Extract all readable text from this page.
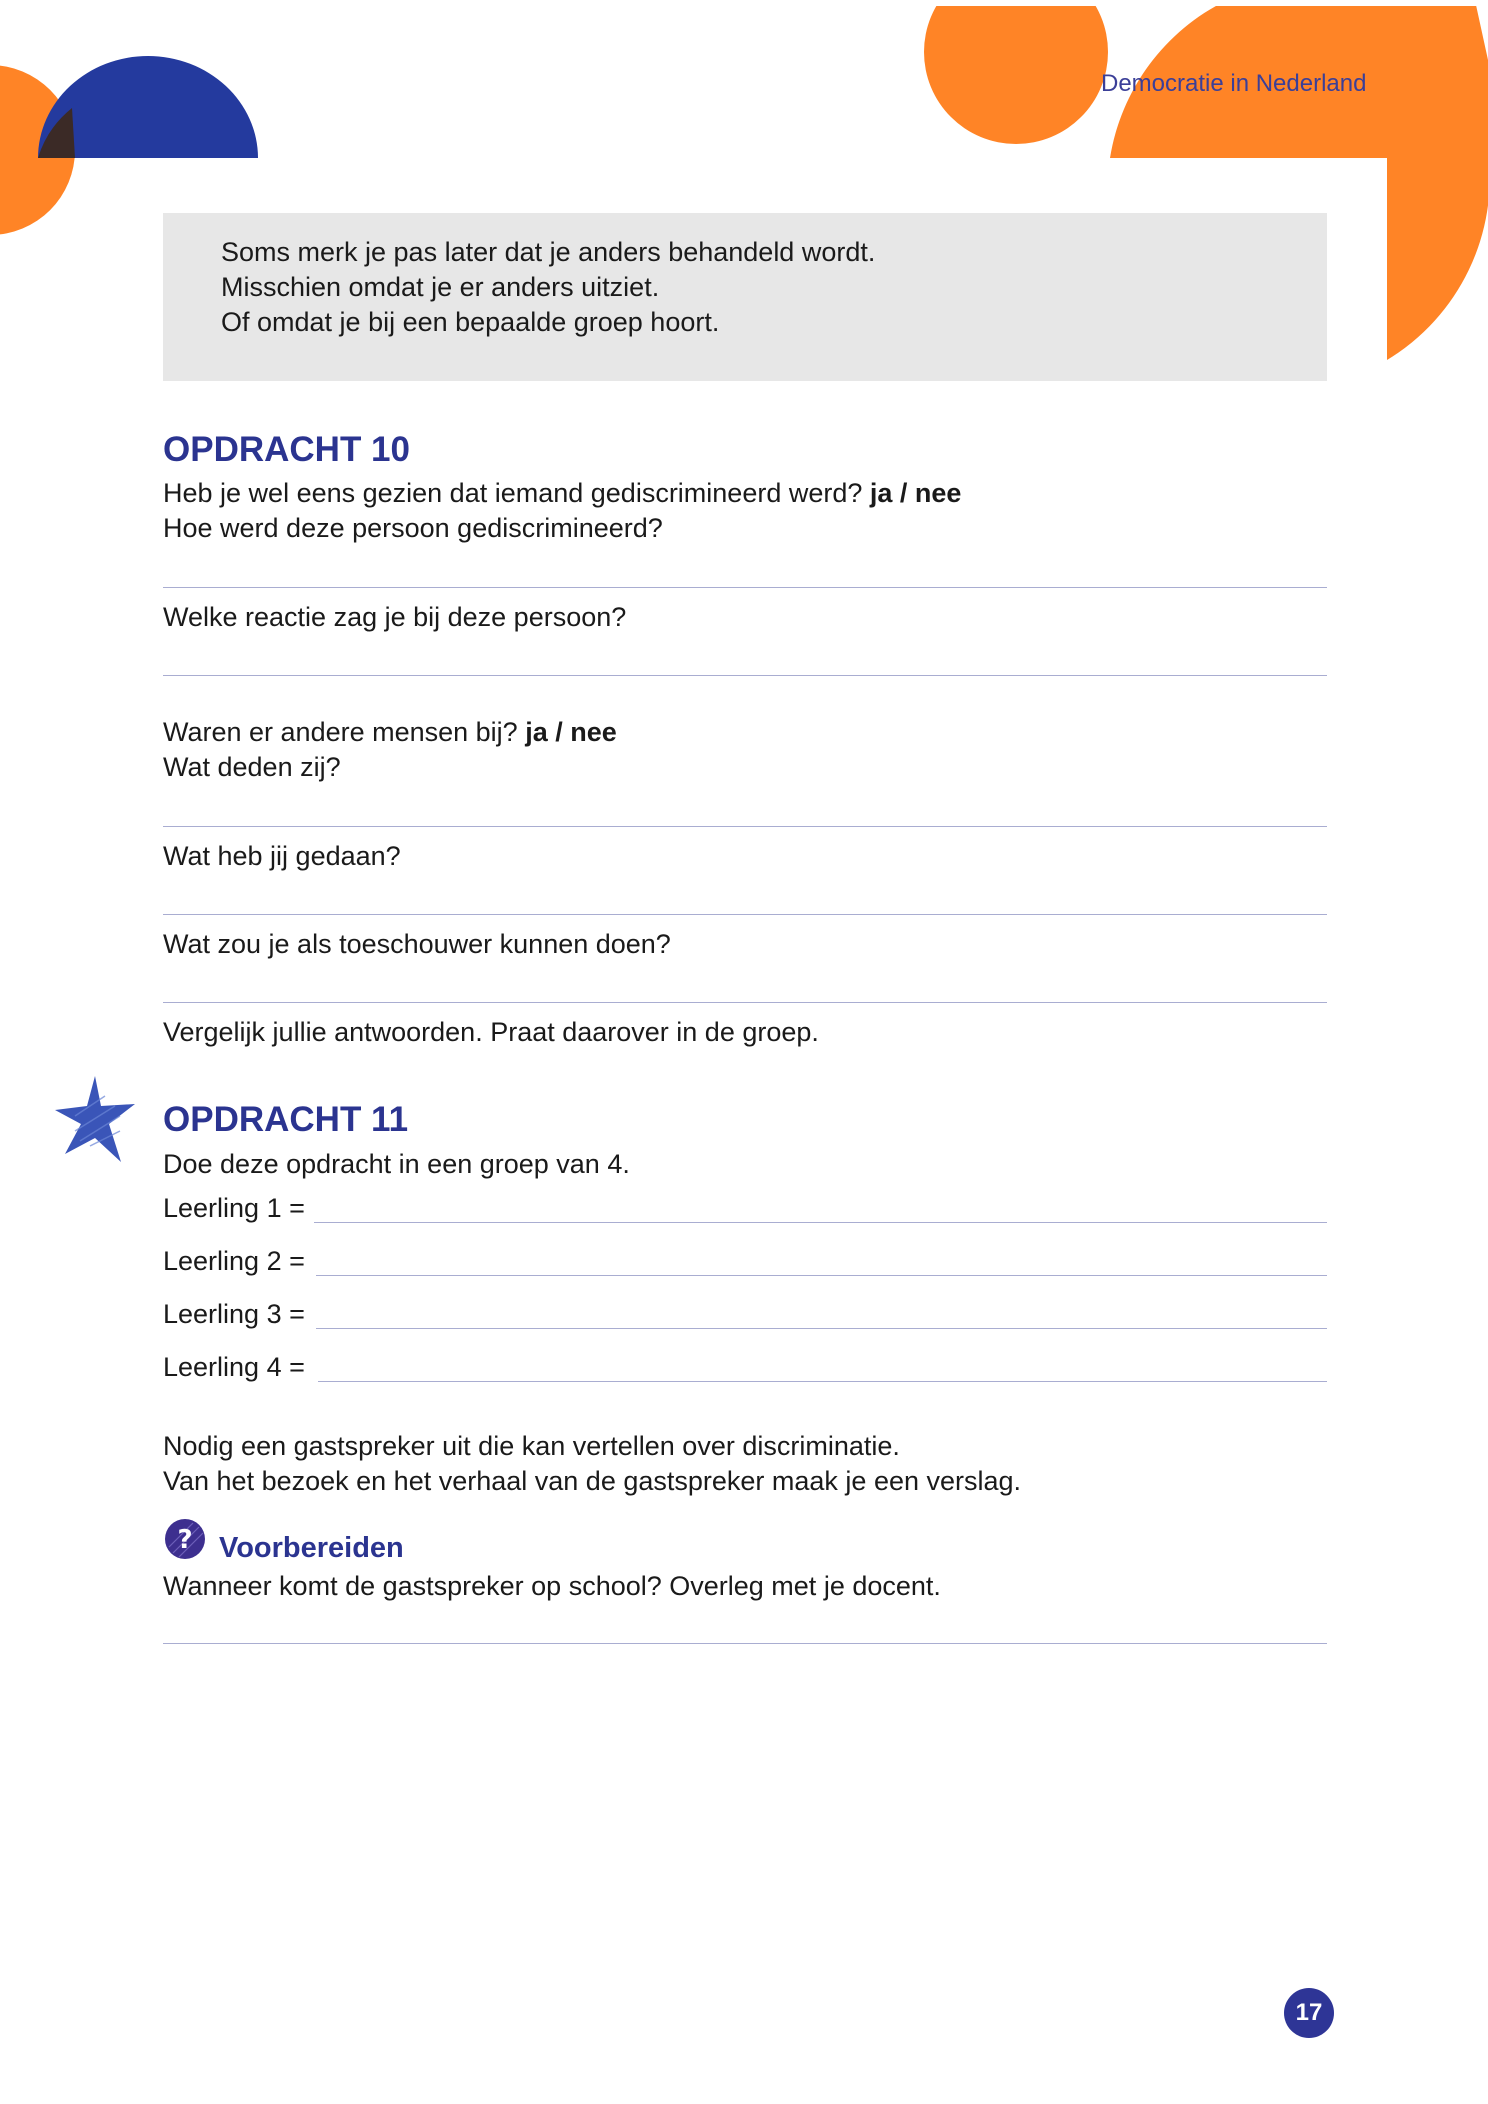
Democratie in Nederland

Soms merk je pas later dat je anders behandeld wordt.

Misschien omdat je er anders uitziet.

Of omdat je bij een bepaalde groep hoort.

OPDRACHT 10

Heb je wel eens gezien dat iemand gediscrimineerd werd? ja / nee

Hoe werd deze persoon gediscrimineerd?

Welke reactie zag je bij deze persoon?

Waren er andere mensen bij? ja / nee

Wat deden zij?

Wat heb jij gedaan?

Wat zou je als toeschouwer kunnen doen?

Vergelijk jullie antwoorden. Praat daarover in de groep.

OPDRACHT 11

Doe deze opdracht in een groep van 4.

Leerling 1 =

Leerling 2 =

Leerling 3 =

Leerling 4 =

Nodig een gastspreker uit die kan vertellen over discriminatie.

Van het bezoek en het verhaal van de gastspreker maak je een verslag.

? Voorbereiden

Wanneer komt de gastspreker op school? Overleg met je docent.

17
